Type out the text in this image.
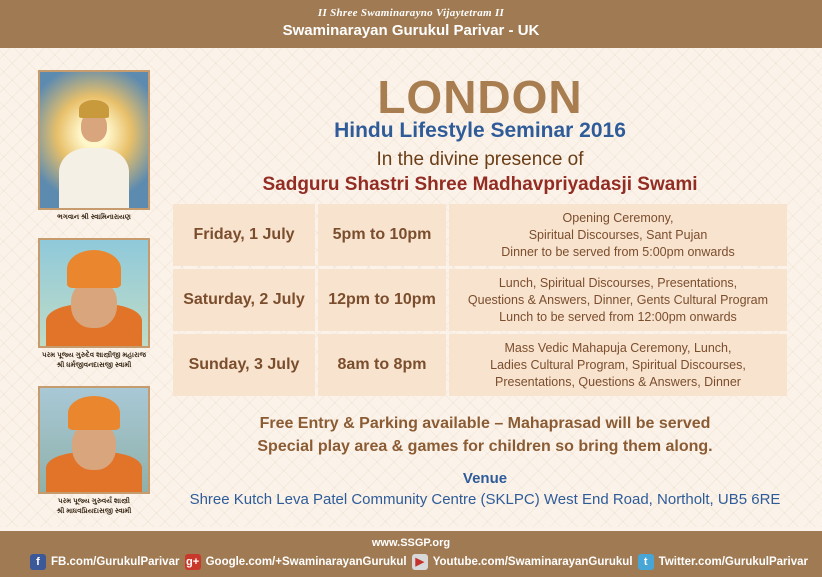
II Shree Swaminarayno Vijaytetram II
Swaminarayan Gurukul Parivar - UK
ભગવાન શ્રી સ્વામિનારાયણ
પરમ પૂજ્ય ગુરુદેવ શાસ્ત્રીજી મહારાજ
શ્રી ધર્મજીવનદાસજી સ્વામી
પરમ પૂજ્ય ગુરુવર્ય શાસ્ત્રી
શ્રી માધવપ્રિયદાસજી સ્વામી
LONDON
Hindu Lifestyle Seminar 2016
In the divine presence of
Sadguru Shastri Shree Madhavpriyadasji Swami
Friday, 1 July	5pm to 10pm	Opening Ceremony,
Spiritual Discourses, Sant Pujan
Dinner to be served from 5:00pm onwards

Saturday, 2 July	12pm to 10pm	Lunch, Spiritual Discourses, Presentations,
Questions & Answers, Dinner, Gents Cultural Program
Lunch to be served from 12:00pm onwards

Sunday, 3 July	8am to 8pm	Mass Vedic Mahapuja Ceremony, Lunch,
Ladies Cultural Program, Spiritual Discourses,
Presentations, Questions & Answers, Dinner
Free Entry & Parking available – Mahaprasad will be served
Special play area & games for children so bring them along.
Venue
Shree Kutch Leva Patel Community Centre (SKLPC) West End Road, Northolt, UB5 6RE
www.SSGP.org
f FB.com/GurukulParivar g+ Google.com/+SwaminarayanGurukul ▶ Youtube.com/SwaminarayanGurukul	t Twitter.com/GurukulParivar
